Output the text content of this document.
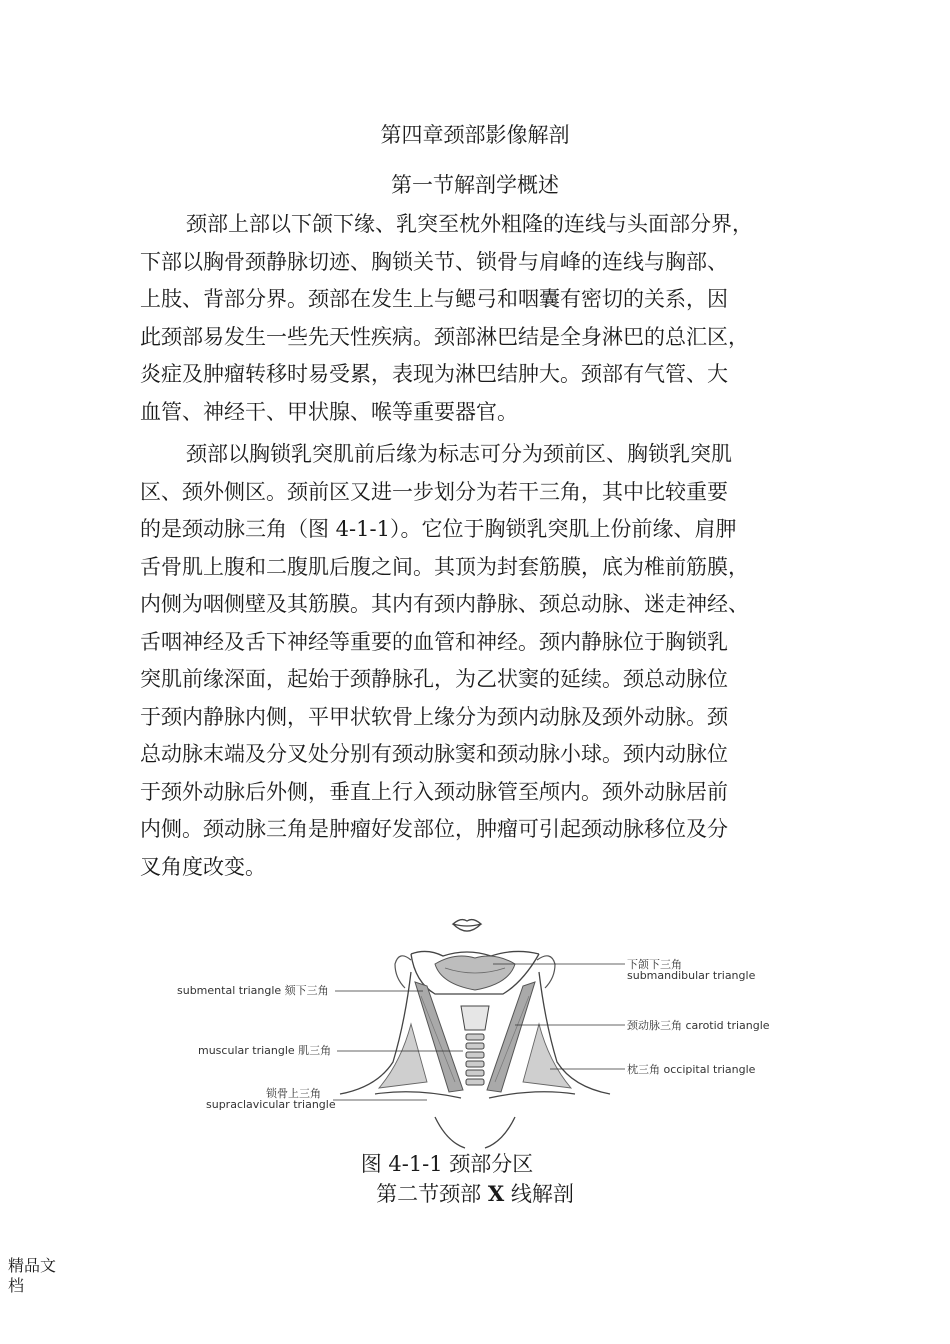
第四章颈部影像解剖
第一节解剖学概述
颈部上部以下颌下缘、乳突至枕外粗隆的连线与头面部分界，
下部以胸骨颈静脉切迹、胸锁关节、锁骨与肩峰的连线与胸部、
上肢、背部分界。颈部在发生上与鳃弓和咽囊有密切的关系，因
此颈部易发生一些先天性疾病。颈部淋巴结是全身淋巴的总汇区，
炎症及肿瘤转移时易受累，表现为淋巴结肿大。颈部有气管、大
血管、神经干、甲状腺、喉等重要器官。
颈部以胸锁乳突肌前后缘为标志可分为颈前区、胸锁乳突肌
区、颈外侧区。颈前区又进一步划分为若干三角，其中比较重要
的是颈动脉三角（图 4-1-1）。它位于胸锁乳突肌上份前缘、肩胛
舌骨肌上腹和二腹肌后腹之间。其顶为封套筋膜，底为椎前筋膜，
内侧为咽侧壁及其筋膜。其内有颈内静脉、颈总动脉、迷走神经、
舌咽神经及舌下神经等重要的血管和神经。颈内静脉位于胸锁乳
突肌前缘深面，起始于颈静脉孔，为乙状窦的延续。颈总动脉位
于颈内静脉内侧，平甲状软骨上缘分为颈内动脉及颈外动脉。颈
总动脉末端及分叉处分别有颈动脉窦和颈动脉小球。颈内动脉位
于颈外动脉后外侧，垂直上行入颈动脉管至颅内。颈外动脉居前
内侧。颈动脉三角是肿瘤好发部位，肿瘤可引起颈动脉移位及分
叉角度改变。
submental triangle 颏下三角
muscular triangle 肌三角
锁骨上三角
supraclavicular triangle
下颌下三角
submandibular triangle
颈动脉三角 carotid triangle
枕三角 occipital triangle
图 4-1-1 颈部分区
第二节颈部 X 线解剖
精品文档
